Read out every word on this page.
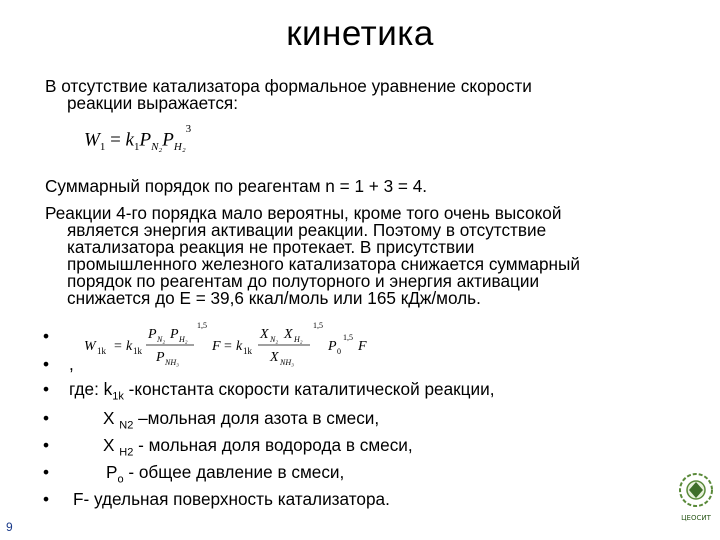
кинетика
В отсутствие катализатора формальное уравнение скорости
реакции выражается:
$W_1 = k_1P_{N_2}P_{H_2}^3$
Суммарный порядок по реагентам n = 1 + 3 = 4.
Реакции 4-го порядка мало вероятны, кроме того очень высокой
является энергия активации реакции. Поэтому в отсутствие
катализатора реакция не протекает. В присутствии
промышленного железного катализатора снижается суммарный
порядок по реагентам до полуторного и энергия активации
снижается до Е = 39,6 ккал/моль или 165 кДж/моль.
W 1k = k 1k
P N₂ P H₂
P NH₃
1,5
F = k 1k
X N₂ X H₂
X NH₃
1,5
P 0
1,5
F
•
• ,
• где: $k_{1k}$ -константа скорости каталитической реакции,
•	X $_{N2}$ –мольная доля азота в смеси,
•	X $_{H2}$ - мольная доля водорода в смеси,
•	$P_o$ - общее давление в смеси,
• F- удельная поверхность катализатора.
9
ЦЕОСИТ
